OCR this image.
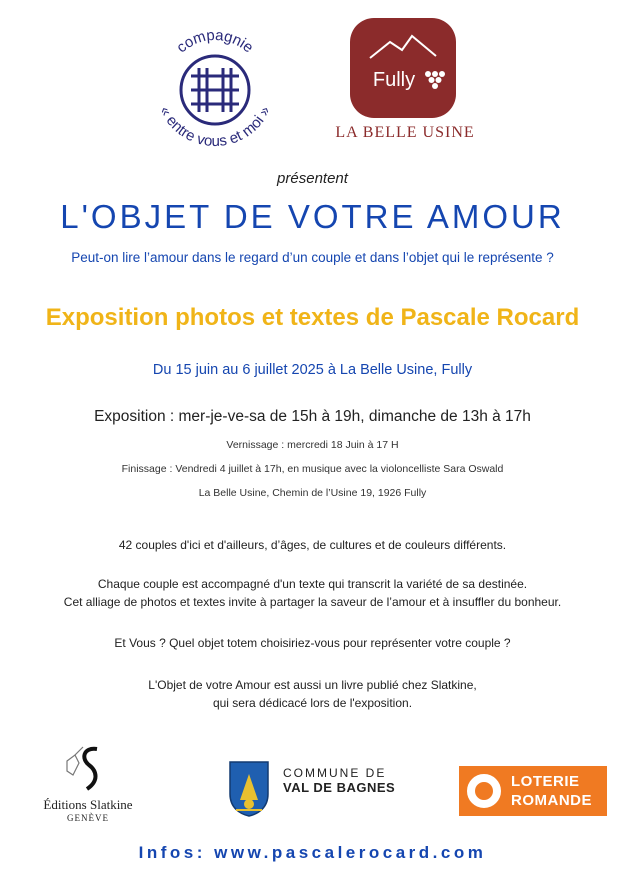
compagnie
« entre vous et moi »
Fully
LA BELLE USINE
présentent
L'OBJET DE VOTRE AMOUR
Peut-on lire l’amour dans le regard d’un couple et dans l’objet qui le représente ?
Exposition photos et textes de Pascale Rocard
Du 15 juin au 6 juillet 2025 à La Belle Usine, Fully
Exposition : mer-je-ve-sa de 15h à 19h, dimanche de 13h à 17h
Vernissage : mercredi 18 Juin à 17 H
Finissage : Vendredi 4 juillet à 17h, en musique avec la violoncelliste Sara Oswald
La Belle Usine, Chemin de l’Usine 19, 1926 Fully
42 couples d'ici et d'ailleurs, d’âges, de cultures et de couleurs différents.
Chaque couple est accompagné d'un texte qui transcrit la variété de sa destinée.
Cet alliage de photos et textes invite à partager la saveur de l’amour et à insuffler du bonheur.
Et Vous ? Quel objet totem choisiriez-vous pour représenter votre couple ?
L'Objet de votre Amour est aussi un livre publié chez Slatkine,
qui sera dédicacé lors de l'exposition.
Éditions Slatkine
GENÈVE
COMMUNE DE
VAL DE BAGNES	LOTERIE
ROMANDE
Infos: www.pascalerocard.com
